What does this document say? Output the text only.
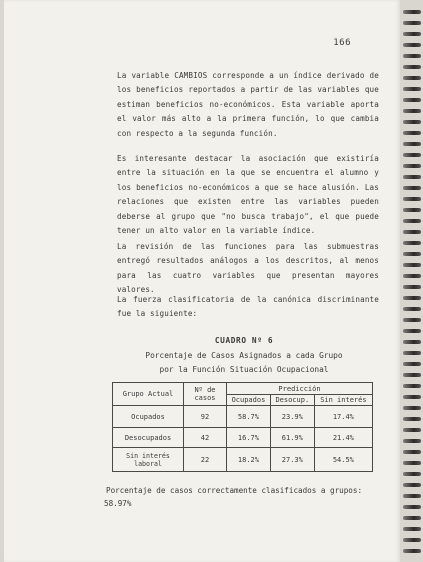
166
La variable CAMBIOS corresponde a un índice derivado de los beneficios reportados a partir de las variables que estiman beneficios no-económicos. Esta variable aporta el valor más alto a la primera función, lo que cambia con respecto a la segunda función.
Es interesante destacar la asociación que existiría entre la situación en la que se encuentra el alumno y los beneficios no-económicos a que se hace alusión. Las relaciones que existen entre las variables pueden deberse al grupo que "no busca trabajo", el que puede tener un alto valor en la variable índice.
La revisión de las funciones para las submuestras entregó resultados análogos a los descritos, al menos para las cuatro variables que presentan mayores valores.
La fuerza clasificatoria de la canónica discriminante fue la siguiente:
CUADRO Nº 6
Porcentaje de Casos Asignados a cada Grupo
por la Función Situación Ocupacional
Grupo Actual	Nº de casos	Predicción		
		Ocupados	Desocup.	Sin interés
Ocupados	92	58.7%	23.9%	17.4%
Desocupados	42	16.7%	61.9%	21.4%
Sin interés laboral	22	18.2%	27.3%	54.5%
Porcentaje de casos correctamente clasificados a grupos:
58.97%
